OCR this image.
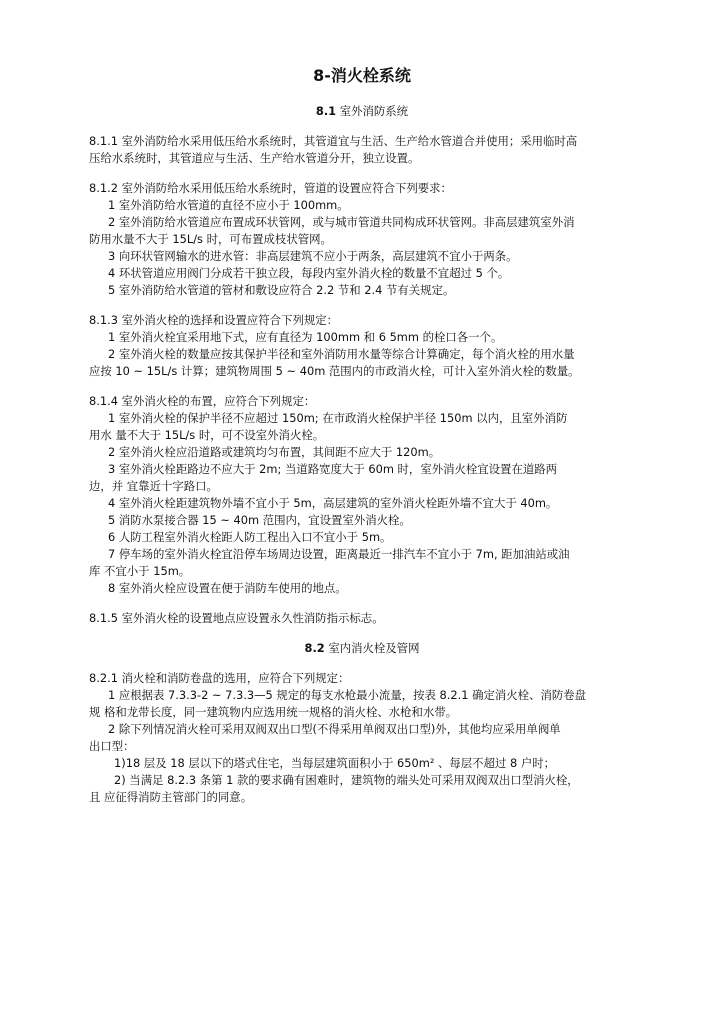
8-消火栓系统
8.1 室外消防系统
8.1.1 室外消防给水采用低压给水系统时，其管道宜与生活、生产给水管道合并使用；采用临时高
压给水系统时，其管道应与生活、生产给水管道分开，独立设置。
8.1.2 室外消防给水采用低压给水系统时，管道的设置应符合下列要求：
1 室外消防给水管道的直径不应小于 100mm。
2 室外消防给水管道应布置成环状管网，或与城市管道共同构成环状管网。非高层建筑室外消
防用水量不大于 15L/s 时，可布置成枝状管网。
3 向环状管网输水的进水管：非高层建筑不应小于两条，高层建筑不宜小于两条。
4 环状管道应用阀门分成若干独立段，每段内室外消火栓的数量不宜超过 5 个。
5 室外消防给水管道的管材和敷设应符合 2.2 节和 2.4 节有关规定。
8.1.3 室外消火栓的选择和设置应符合下列规定：
1 室外消火栓宜采用地下式，应有直径为 100mm 和 6 5mm 的栓口各一个。
2 室外消火栓的数量应按其保护半径和室外消防用水量等综合计算确定，每个消火栓的用水量
应按 10 ~ 15L/s 计算；建筑物周围 5 ~ 40m 范围内的市政消火栓，可计入室外消火栓的数量。
8.1.4 室外消火栓的布置，应符合下列规定：
1 室外消火栓的保护半径不应超过 150m; 在市政消火栓保护半径 150m 以内，且室外消防
用水 量不大于 15L/s 时，可不设室外消火栓。
2 室外消火栓应沿道路或建筑均匀布置，其间距不应大于 120m。
3 室外消火栓距路边不应大于 2m; 当道路宽度大于 60m 时，室外消火栓宜设置在道路两
边，并 宜靠近十字路口。
4 室外消火栓距建筑物外墙不宜小于 5m，高层建筑的室外消火栓距外墙不宜大于 40m。
5 消防水泵接合器 15 ~ 40m 范围内，宜设置室外消火栓。
6 人防工程室外消火栓距人防工程出入口不宜小于 5m。
7 停车场的室外消火栓宜沿停车场周边设置，距离最近一排汽车不宜小于 7m, 距加油站或油
库 不宜小于 15m。
8 室外消火栓应设置在便于消防车使用的地点。
8.1.5 室外消火栓的设置地点应设置永久性消防指示标志。
8.2 室内消火栓及管网
8.2.1 消火栓和消防卷盘的选用，应符合下列规定：
1 应根据表 7.3.3-2 ~ 7.3.3—5 规定的每支水枪最小流量，按表 8.2.1 确定消火栓、消防卷盘
规 格和龙带长度，同一建筑物内应选用统一规格的消火栓、水枪和水带。
2 除下列情况消火栓可采用双阀双出口型(不得采用单阀双出口型)外，其他均应采用单阀单
出口型：
1)18 层及 18 层以下的塔式住宅，当每层建筑面积小于 650m² 、每层不超过 8 户时；
2) 当满足 8.2.3 条第 1 款的要求确有困难时，建筑物的端头处可采用双阀双出口型消火栓，
且 应征得消防主管部门的同意。
